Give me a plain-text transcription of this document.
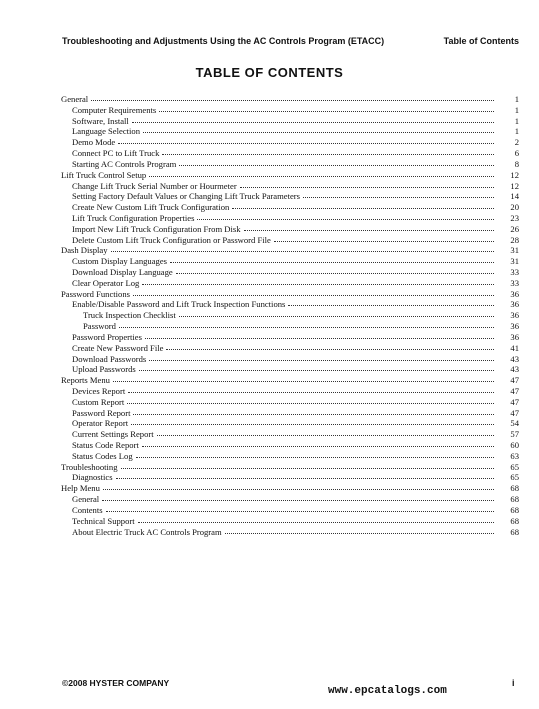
Troubleshooting and Adjustments Using the AC Controls Program (ETACC)	Table of Contents
TABLE OF CONTENTS
General	1
Computer Requirements	1
Software, Install	1
Language Selection	1
Demo Mode	2
Connect PC to Lift Truck	6
Starting AC Controls Program	8
Lift Truck Control Setup	12
Change Lift Truck Serial Number or Hourmeter	12
Setting Factory Default Values or Changing Lift Truck Parameters	14
Create New Custom Lift Truck Configuration	20
Lift Truck Configuration Properties	23
Import New Lift Truck Configuration From Disk	26
Delete Custom Lift Truck Configuration or Password File	28
Dash Display	31
Custom Display Languages	31
Download Display Language	33
Clear Operator Log	33
Password Functions	36
Enable/Disable Password and Lift Truck Inspection Functions	36
Truck Inspection Checklist	36
Password	36
Password Properties	36
Create New Password File	41
Download Passwords	43
Upload Passwords	43
Reports Menu	47
Devices Report	47
Custom Report	47
Password Report	47
Operator Report	54
Current Settings Report	57
Status Code Report	60
Status Codes Log	63
Troubleshooting	65
Diagnostics	65
Help Menu	68
General	68
Contents	68
Technical Support	68
About Electric Truck AC Controls Program	68
©2008 HYSTER COMPANY
www.epcatalogs.com
i
